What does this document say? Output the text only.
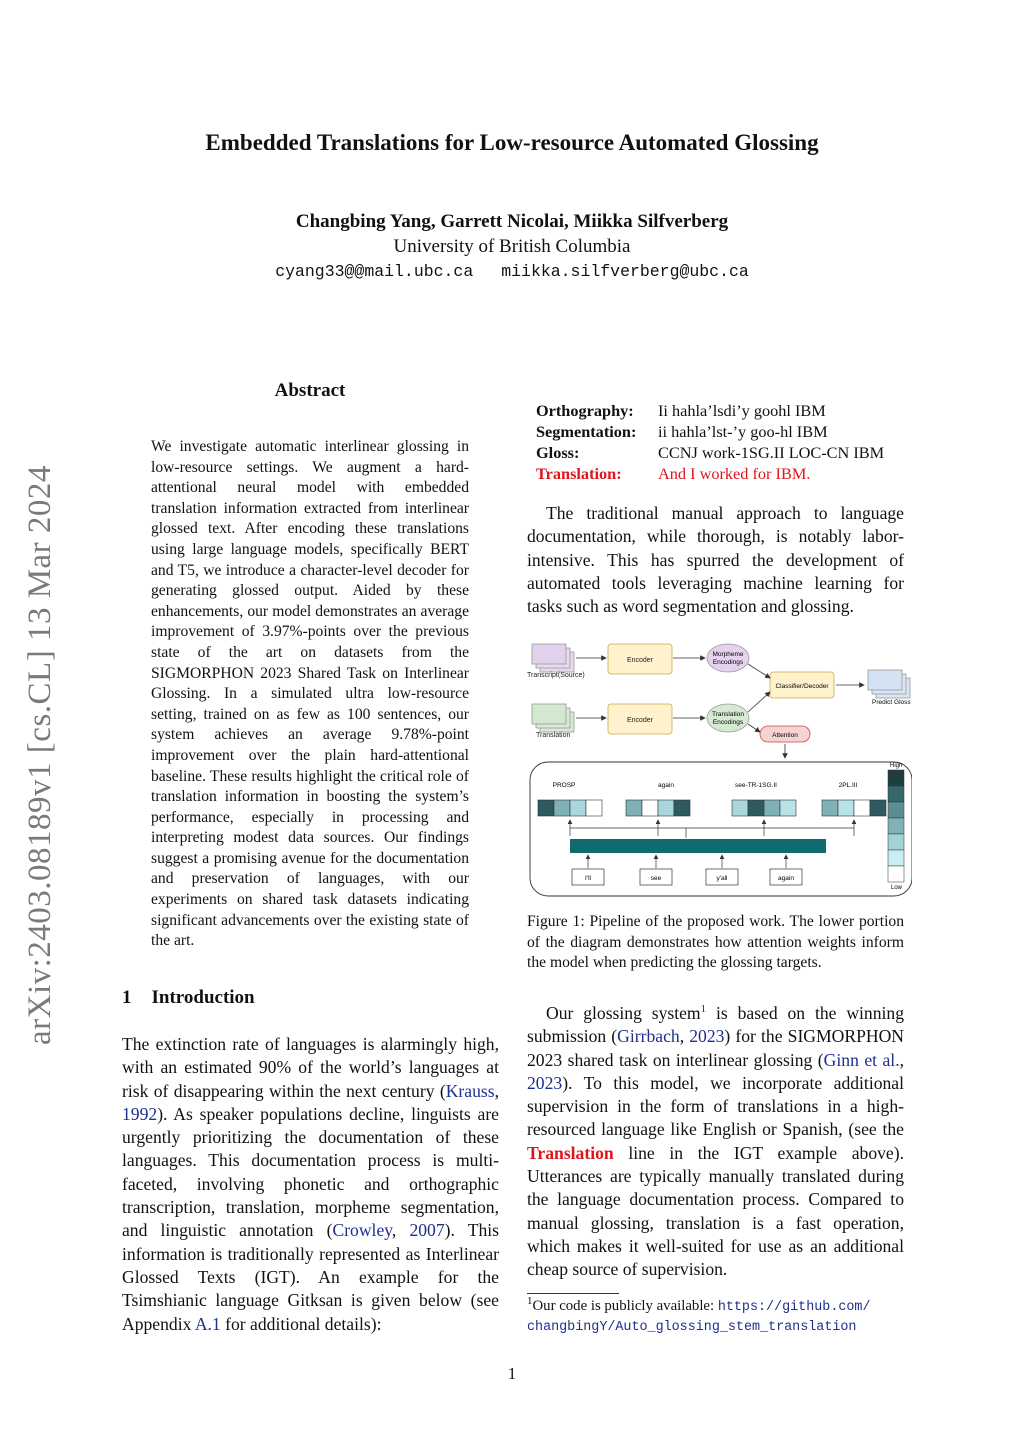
Embedded Translations for Low-resource Automated Glossing
Changbing Yang, Garrett Nicolai, Miikka Silfverberg
University of British Columbia
cyang33@@mail.ubc.ca miikka.silfverberg@ubc.ca
arXiv:2403.08189v1 [cs.CL] 13 Mar 2024
Abstract
We investigate automatic interlinear glossing in low-resource settings. We augment a hard-attentional neural model with embedded translation information extracted from interlinear glossed text. After encoding these translations using large language models, specifically BERT and T5, we introduce a character-level decoder for generating glossed output. Aided by these enhancements, our model demonstrates an average improvement of 3.97%-points over the previous state of the art on datasets from the SIGMORPHON 2023 Shared Task on Interlinear Glossing. In a simulated ultra low-resource setting, trained on as few as 100 sentences, our system achieves an average 9.78%-point improvement over the plain hard-attentional baseline. These results highlight the critical role of translation information in boosting the system’s performance, especially in processing and interpreting modest data sources. Our findings suggest a promising avenue for the documentation and preservation of languages, with our experiments on shared task datasets indicating significant advancements over the existing state of the art.
1 Introduction
The extinction rate of languages is alarmingly high, with an estimated 90% of the world’s languages at risk of disappearing within the next century (Krauss, 1992). As speaker populations decline, linguists are urgently prioritizing the documentation of these languages. This documentation process is multi-faceted, involving phonetic and orthographic transcription, translation, morpheme segmentation, and linguistic annotation (Crowley, 2007). This information is traditionally represented as Interlinear Glossed Texts (IGT). An example for the Tsimshianic language Gitksan is given below (see Appendix A.1 for additional details):
Orthography:	Ii hahla’lsdi’y goohl IBM
Segmentation:	ii hahla’lst-’y goo-hl IBM
Gloss:	CCNJ work-1SG.II LOC-CN IBM
Translation:	And I worked for IBM.
The traditional manual approach to language documentation, while thorough, is notably labor-intensive. This has spurred the development of automated tools leveraging machine learning for tasks such as word segmentation and glossing.
Transcript(Source)
Translation
Encoder
Encoder
Morpheme
Encodings
Translation
Encodings
Classifier/Decoder
Predict Gloss
Attention
PROSP	again	see-TR-1SG.II	2PL.III
I'll	see	y'all	again
High
Low
Figure 1: Pipeline of the proposed work. The lower portion of the diagram demonstrates how attention weights inform the model when predicting the glossing targets.
Our glossing system$^1$ is based on the winning submission (Girrbach, 2023) for the SIGMORPHON 2023 shared task on interlinear glossing (Ginn et al., 2023). To this model, we incorporate additional supervision in the form of translations in a high-resourced language like English or Spanish, (see the Translation line in the IGT example above). Utterances are typically manually translated during the language documentation process. Compared to manual glossing, translation is a fast operation, which makes it well-suited for use as an additional cheap source of supervision.
$^1$Our code is publicly available: https://github.com/
changbingY/Auto_glossing_stem_translation
1
